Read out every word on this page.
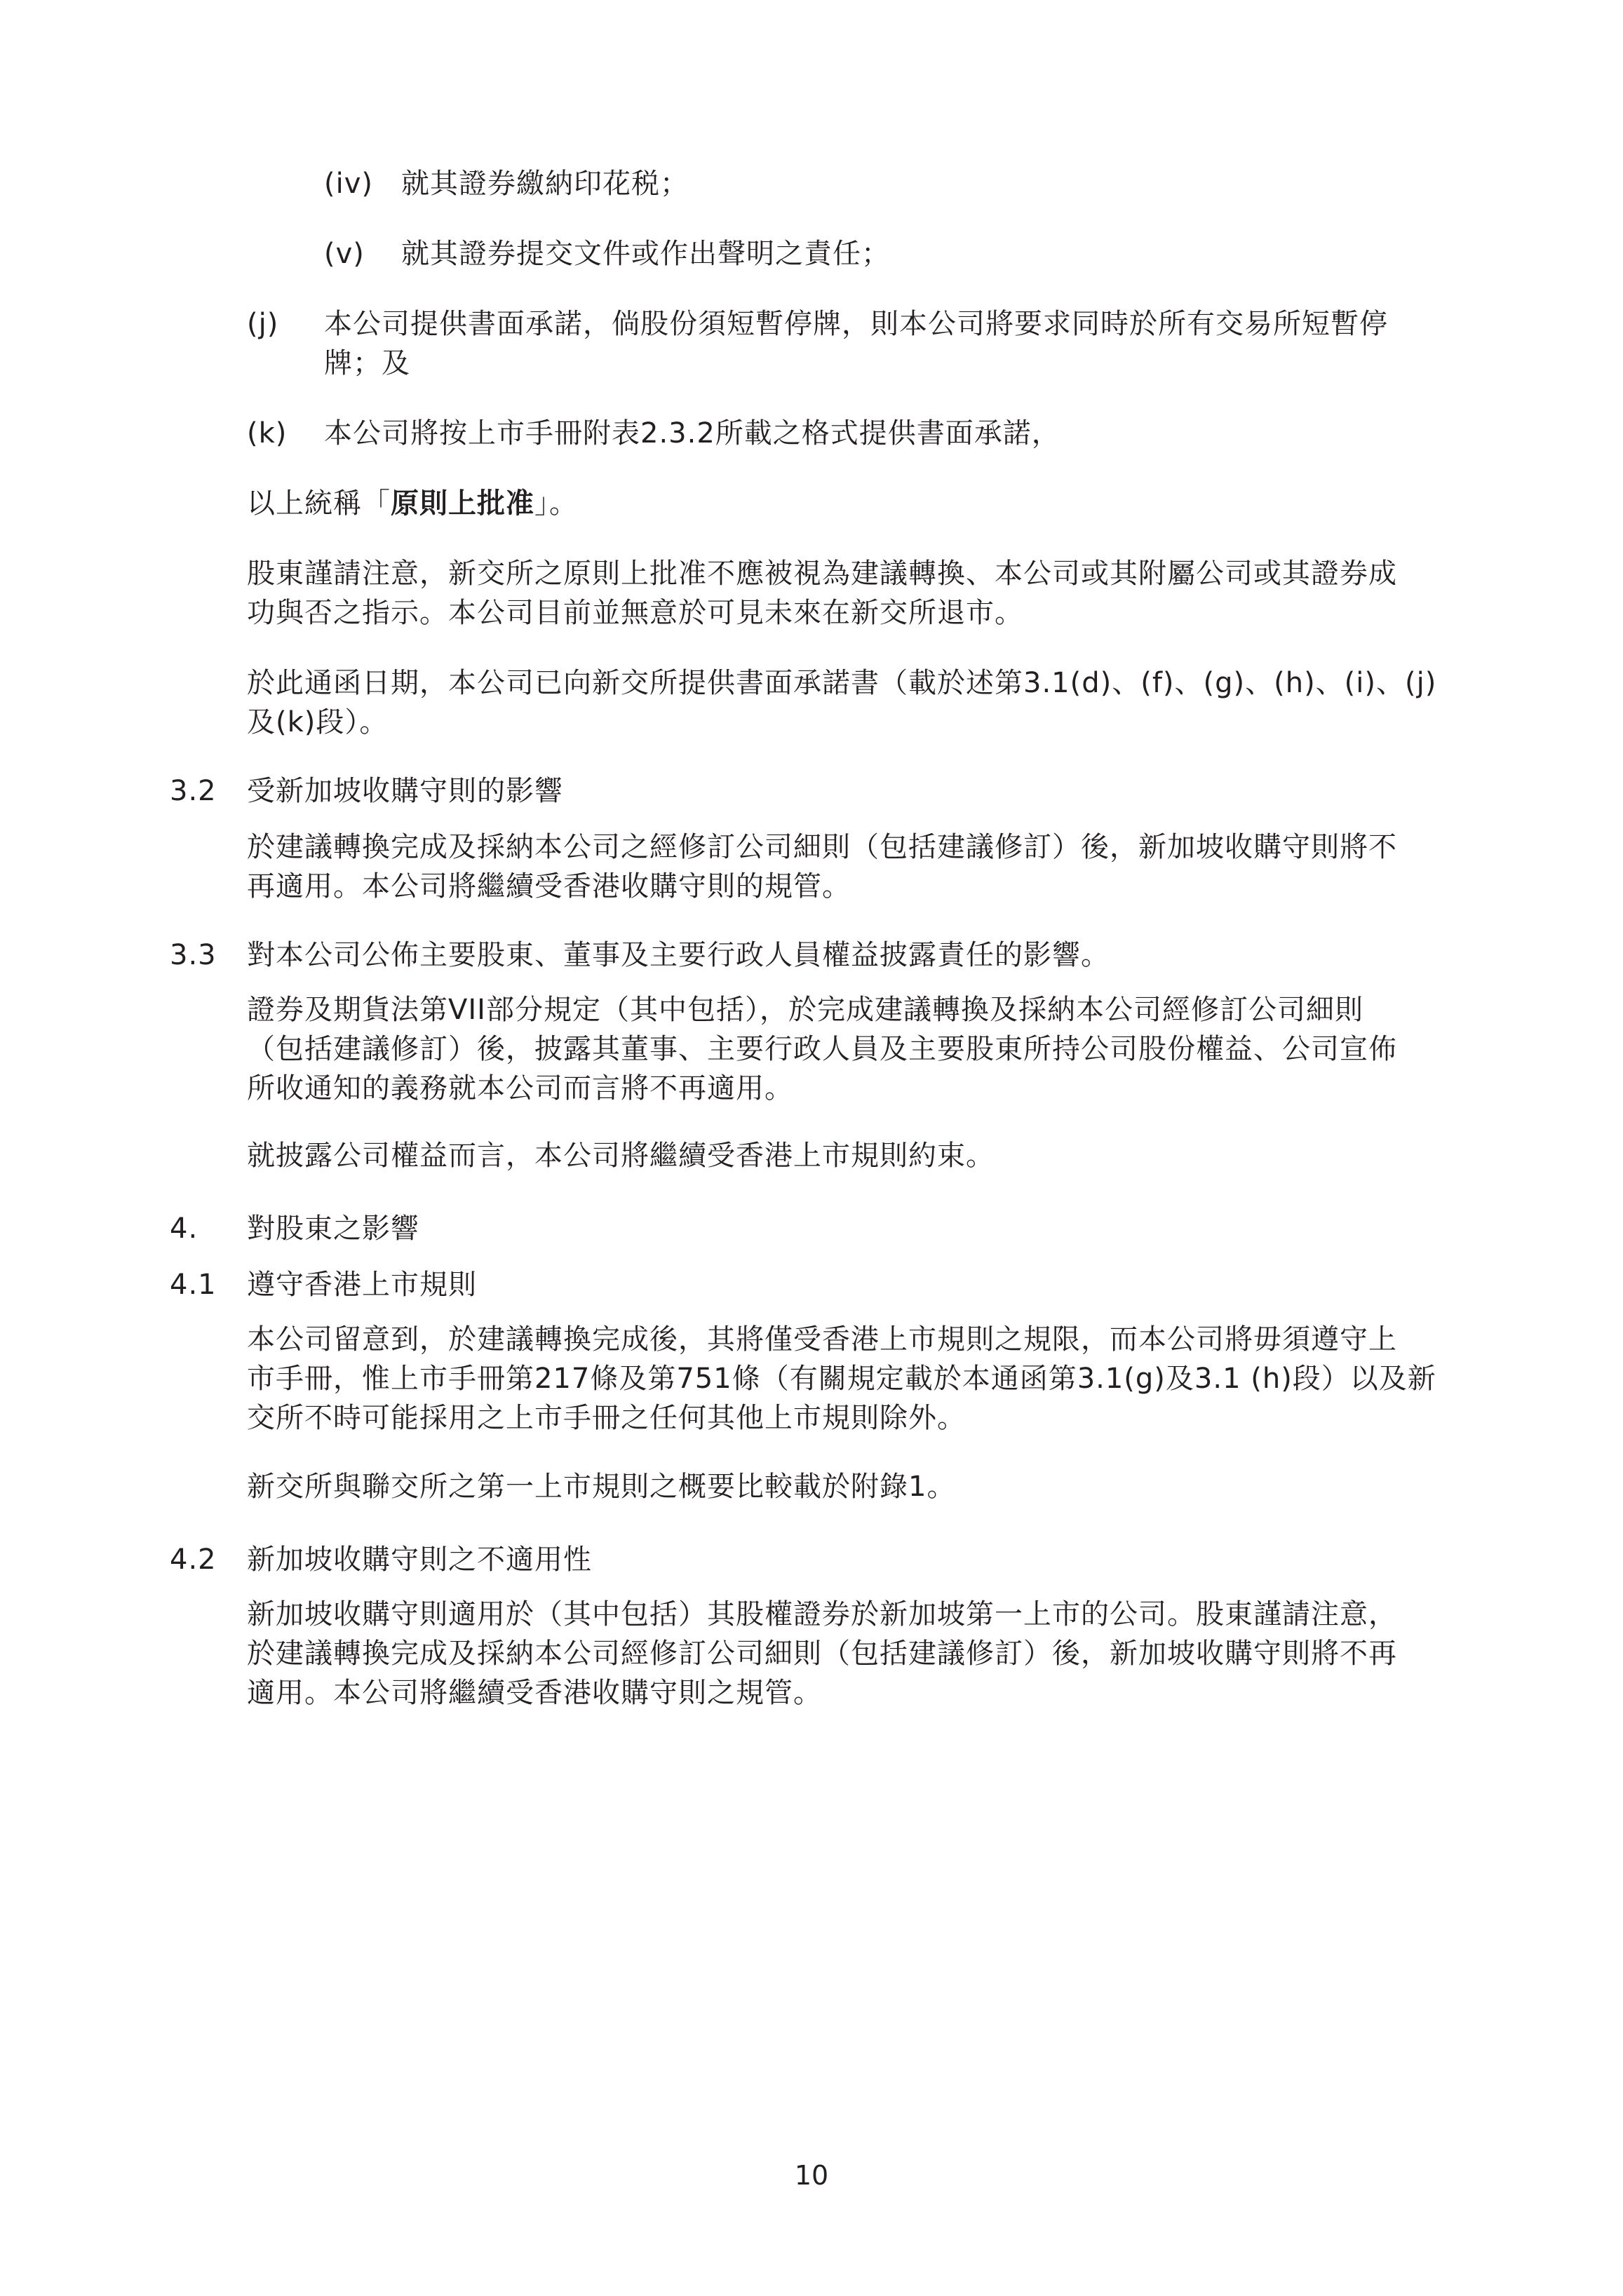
(iv) 就其證券繳納印花税；
(v) 就其證券提交文件或作出聲明之責任；
(j) 本公司提供書面承諾，倘股份須短暫停牌，則本公司將要求同時於所有交易所短暫停
牌；及
(k) 本公司將按上市手冊附表2.3.2所載之格式提供書面承諾，
以上統稱「原則上批准」。
股東謹請注意，新交所之原則上批准不應被視為建議轉換、本公司或其附屬公司或其證券成
功與否之指示。本公司目前並無意於可見未來在新交所退市。
於此通函日期，本公司已向新交所提供書面承諾書（載於述第3.1(d)、(f)、(g)、(h)、(i)、(j)
及(k)段）。
3.2 受新加坡收購守則的影響
於建議轉換完成及採納本公司之經修訂公司細則（包括建議修訂）後，新加坡收購守則將不
再適用。本公司將繼續受香港收購守則的規管。
3.3 對本公司公佈主要股東、董事及主要行政人員權益披露責任的影響。
證券及期貨法第VII部分規定（其中包括），於完成建議轉換及採納本公司經修訂公司細則
（包括建議修訂）後，披露其董事、主要行政人員及主要股東所持公司股份權益、公司宣佈
所收通知的義務就本公司而言將不再適用。
就披露公司權益而言，本公司將繼續受香港上市規則約束。
4. 對股東之影響
4.1 遵守香港上市規則
本公司留意到，於建議轉換完成後，其將僅受香港上市規則之規限，而本公司將毋須遵守上
市手冊，惟上市手冊第217條及第751條（有關規定載於本通函第3.1(g)及3.1 (h)段）以及新
交所不時可能採用之上市手冊之任何其他上市規則除外。
新交所與聯交所之第一上市規則之概要比較載於附錄1。
4.2 新加坡收購守則之不適用性
新加坡收購守則適用於（其中包括）其股權證券於新加坡第一上市的公司。股東謹請注意，
於建議轉換完成及採納本公司經修訂公司細則（包括建議修訂）後，新加坡收購守則將不再
適用。本公司將繼續受香港收購守則之規管。
10
